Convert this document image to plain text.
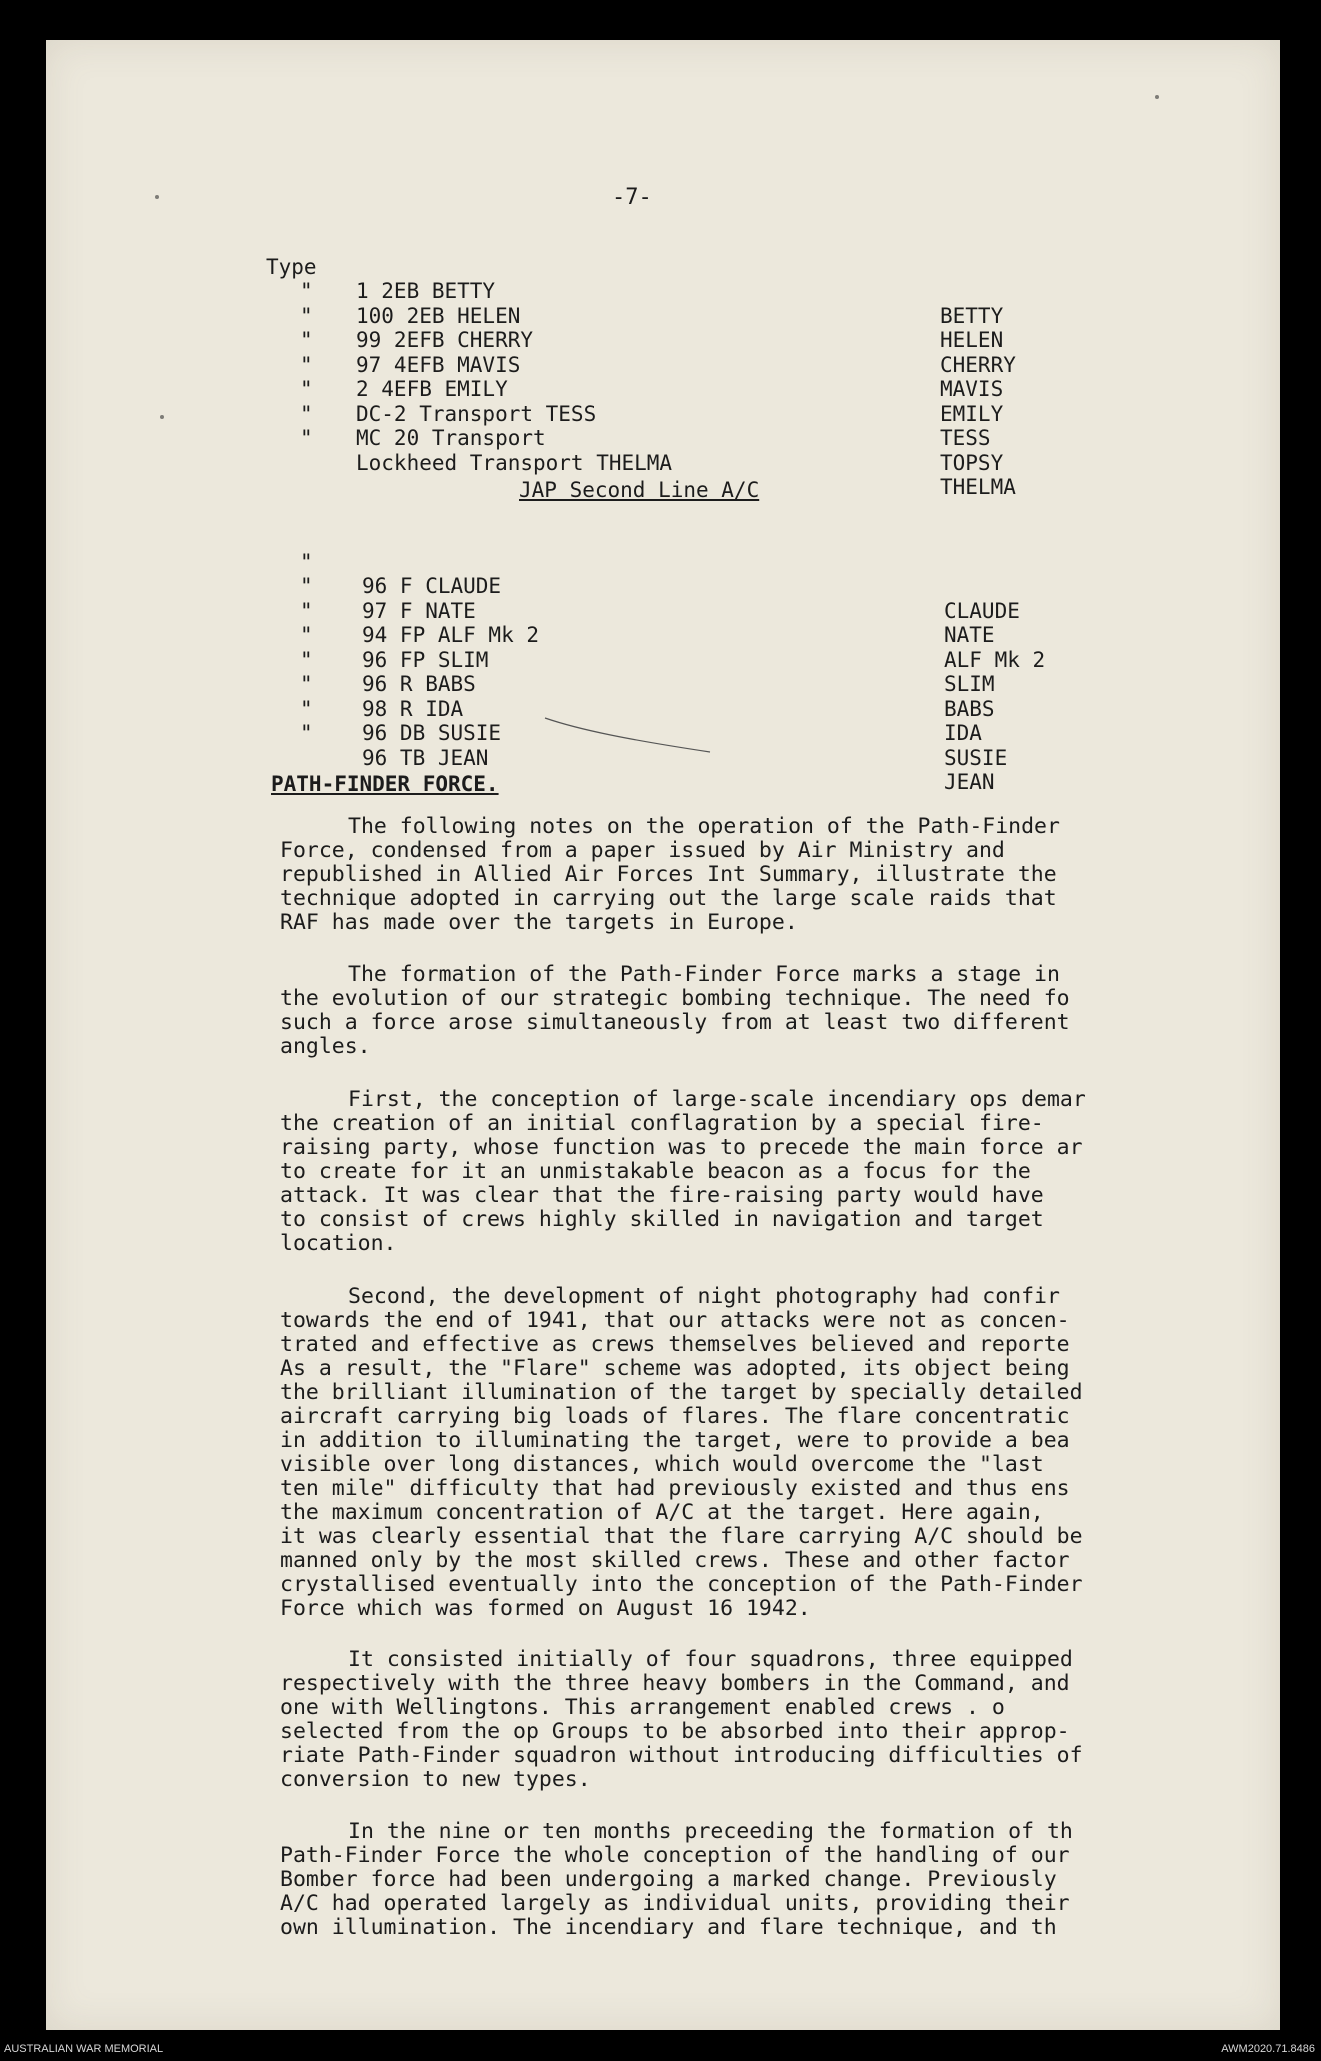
-7-

Type

1 2EB BETTY

BETTY

"

100 2EB HELEN

HELEN

"

99 2EFB CHERRY

CHERRY

"

97 4EFB MAVIS

MAVIS

"

2 4EFB EMILY

EMILY

"

DC-2 Transport TESS

TESS

"

MC 20 Transport

TOPSY

"

Lockheed Transport THELMA

THELMA

JAP Second Line A/C

"

96 F CLAUDE

CLAUDE

"

97 F NATE

NATE

"

94 FP ALF Mk 2

ALF Mk 2

"

96 FP SLIM

SLIM

"

96 R BABS

BABS

"

98 R IDA

IDA

"

96 DB SUSIE

SUSIE

"

96 TB JEAN

JEAN

PATH-FINDER FORCE.
The following notes on the operation of the Path-Finder
Force, condensed from a paper issued by Air Ministry and
republished in Allied Air Forces Int Summary, illustrate the
technique adopted in carrying out the large scale raids that
RAF has made over the targets in Europe.
The formation of the Path-Finder Force marks a stage in
the evolution of our strategic bombing technique. The need fo
such a force arose simultaneously from at least two different
angles.
First, the conception of large-scale incendiary ops demar
the creation of an initial conflagration by a special fire-
raising party, whose function was to precede the main force ar
to create for it an unmistakable beacon as a focus for the
attack. It was clear that the fire-raising party would have
to consist of crews highly skilled in navigation and target
location.
Second, the development of night photography had confir
towards the end of 1941, that our attacks were not as concen-
trated and effective as crews themselves believed and reporte
As a result, the "Flare" scheme was adopted, its object being
the brilliant illumination of the target by specially detailed
aircraft carrying big loads of flares. The flare concentratic
in addition to illuminating the target, were to provide a bea
visible over long distances, which would overcome the "last
ten mile" difficulty that had previously existed and thus ens
the maximum concentration of A/C at the target. Here again,
it was clearly essential that the flare carrying A/C should be
manned only by the most skilled crews. These and other factor
crystallised eventually into the conception of the Path-Finder
Force which was formed on August 16 1942.
It consisted initially of four squadrons, three equipped
respectively with the three heavy bombers in the Command, and
one with Wellingtons. This arrangement enabled crews . o
selected from the op Groups to be absorbed into their approp-
riate Path-Finder squadron without introducing difficulties of
conversion to new types.
In the nine or ten months preceeding the formation of th
Path-Finder Force the whole conception of the handling of our
Bomber force had been undergoing a marked change. Previously
A/C had operated largely as individual units, providing their
own illumination. The incendiary and flare technique, and th
AUSTRALIAN WAR MEMORIAL	AWM2020.71.8486
